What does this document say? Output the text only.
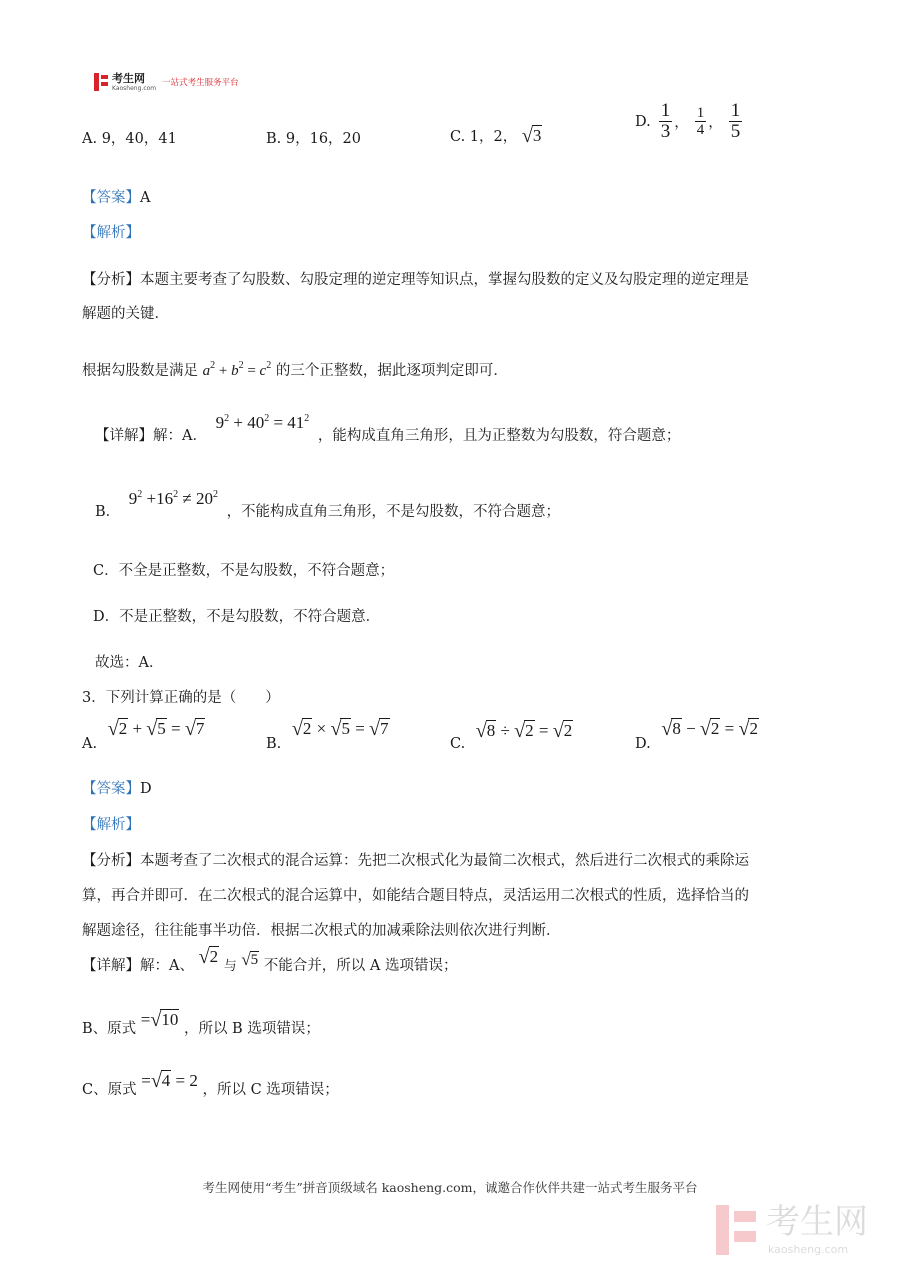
考生网
Kaosheng.com 一站式考生服务平台
A. 9，40，41	B. 9，16，20	C. 1，2， √3
D. $\frac{1}{3}$ ， $\frac{1}{4}$ ， $\frac{1}{5}$
【答案】A
【解析】
【分析】本题主要考查了勾股数、勾股定理的逆定理等知识点，掌握勾股数的定义及勾股定理的逆定理是
解题的关键．
根据勾股数是满足 $a^2 + b^2 = c^2$ 的三个正整数，据此逐项判定即可．
【详解】解：A． $9^2 + 40^2 = 41^2$ ，能构成直角三角形，且为正整数为勾股数，符合题意；
B． $9^2 +16^2 \ne 20^2$ ，不能构成直角三角形，不是勾股数，不符合题意；
C．不全是正整数，不是勾股数，不符合题意；
D．不是正整数，不是勾股数，不符合题意．
故选：A．
3．下列计算正确的是（　　）
A. √2 + √5 = √7
B. √2 × √5 = √7
C. √8 ÷ √2 = √2
D. √8 − √2 = √2
【答案】D
【解析】
【分析】本题考查了二次根式的混合运算：先把二次根式化为最简二次根式，然后进行二次根式的乘除运
算，再合并即可．在二次根式的混合运算中，如能结合题目特点，灵活运用二次根式的性质，选择恰当的
解题途径，往往能事半功倍．根据二次根式的加减乘除法则依次进行判断．
【详解】解：A、 √2 与 √5 不能合并，所以 A 选项错误；
B、原式 =√10 ，所以 B 选项错误；
C、原式 =√4 = 2 ，所以 C 选项错误；
考生网使用“考生”拼音顶级域名 kaosheng.com，诚邀合作伙伴共建一站式考生服务平台
考生网
kaosheng.com
